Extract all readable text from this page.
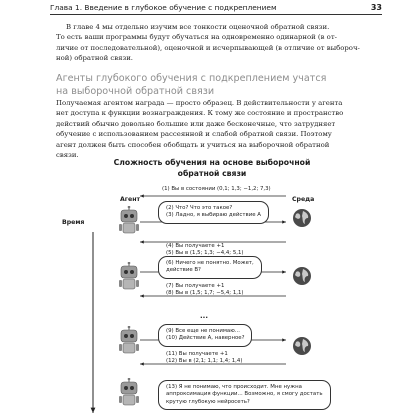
Глава 1. Введение в глубокое обучение с подкреплением	33
В главе 4 мы отдельно изучим все тонкости оценочной обратной связи.
То есть ваши программы будут обучаться на одновременно одинарной (в от-
личие от последовательной), оценочной и исчерпывающей (в отличие от выбороч-
ной) обратной связи.
Агенты глубокого обучения с подкреплением учатся
на выборочной обратной связи
Получаемая агентом награда — просто образец. В действительности у агента
нет доступа к функции вознаграждения. К тому же состояние и пространство
действий обычно довольно большие или даже бесконечные, что затрудняет
обучение с использованием рассеянной и слабой обратной связи. Поэтому
агент должен быть способен обобщать и учиться на выборочной обратной
связи.
Сложность обучения на основе выборочной
обратной связи
Агент	Среда
Время
(1) Вы в состоянии (0,1; 1,3; −1,2; 7,3)
(4) Вы получаете +1
(5) Вы в (1,5; 1,3; −4,4; 5,1)
(7) Вы получаете +1
(8) Вы в (1,5; 1,7; −5,4; 1,1)
...
(11) Вы получаете +1
(12) Вы в (2,1; 1,1; 1,4; 1,4)
(2) Что? Что это такое?
(3) Ладно, я выбираю действие A
(6) Ничего не понятно. Может,
действие B?
(9) Все еще не понимаю...
(10) Действие A, наверное?
(13) Я не понимаю, что происходит. Мне нужна
аппроксимация функции... Возможно, я смогу достать
крутую глубокую нейросеть?
